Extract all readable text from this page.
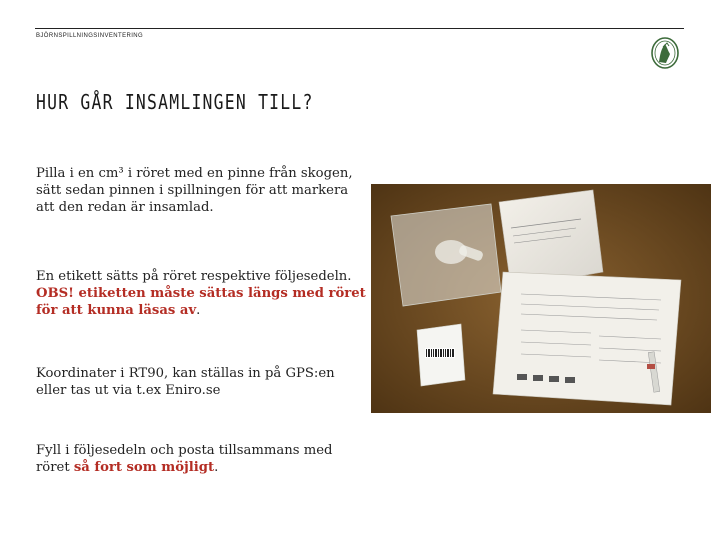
BJÖRNSPILLNINGSINVENTERING
HUR GÅR INSAMLINGEN TILL?

Pilla i en cm³ i röret med en pinne från skogen, sätt sedan pinnen i spillningen för att markera att den redan är insamlad.

En etikett sätts på röret respektive följesedeln. OBS! etiketten måste sättas längs med röret för att kunna läsas av.

Koordinater i RT90, kan ställas in på GPS:en eller tas ut via t.ex Eniro.se

Fyll i följesedeln och posta tillsammans med röret så fort som möjligt.
